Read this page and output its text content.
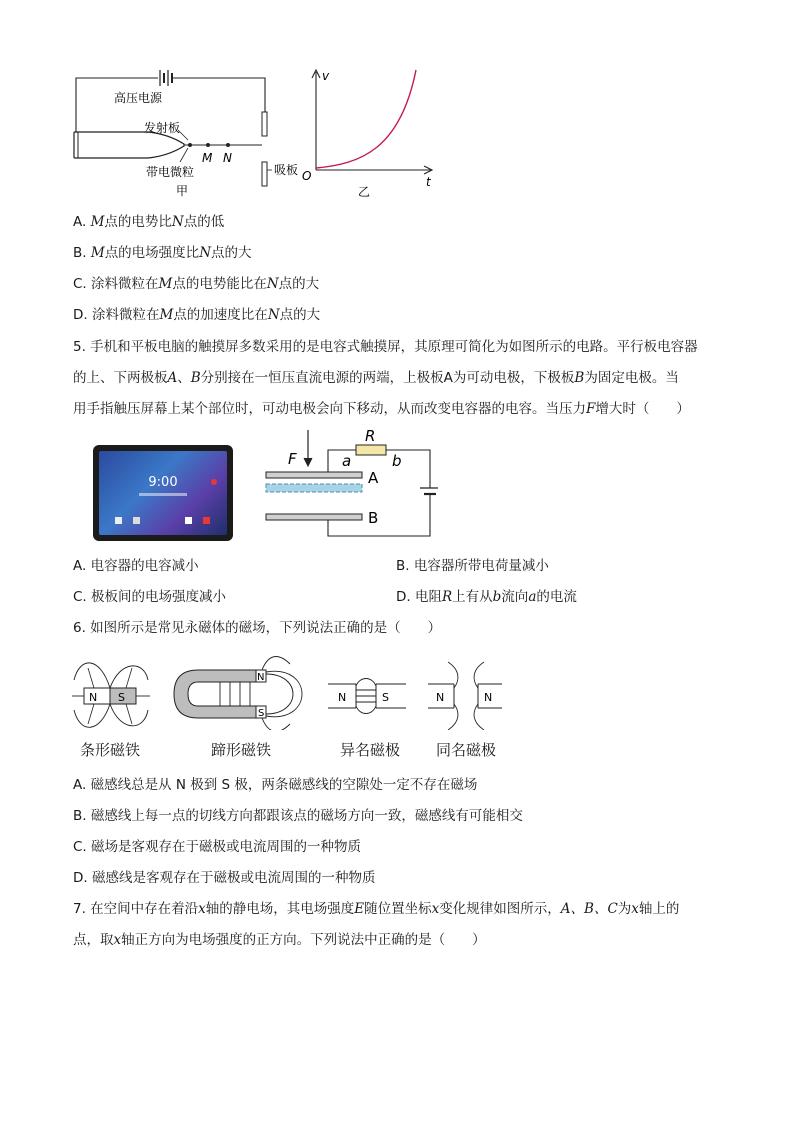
高压电源
发射板
M N
带电微粒
甲
吸板
v
t
O
乙
A. M点的电势比N点的低
B. M点的电场强度比N点的大
C. 涂料微粒在M点的电势能比在N点的大
D. 涂料微粒在M点的加速度比在N点的大
5. 手机和平板电脑的触摸屏多数采用的是电容式触摸屏，其原理可简化为如图所示的电路。平行板电容器
的上、下两极板A、B分别接在一恒压直流电源的两端，上极板A为可动电极，下极板B为固定电极。当
用手指触压屏幕上某个部位时，可动电极会向下移动，从而改变电容器的电容。当压力F增大时（　　）
9:00
F
R
a	b
A
B
A. 电容器的电容减小	B. 电容器所带电荷量减小
C. 极板间的电场强度减小	D. 电阻R上有从b流向a的电流
6. 如图所示是常见永磁体的磁场，下列说法正确的是（　　）
N S
N
S
N	S	N	N
条形磁铁	蹄形磁铁	异名磁极 同名磁极
A. 磁感线总是从 N 极到 S 极，两条磁感线的空隙处一定不存在磁场
B. 磁感线上每一点的切线方向都跟该点的磁场方向一致，磁感线有可能相交
C. 磁场是客观存在于磁极或电流周围的一种物质
D. 磁感线是客观存在于磁极或电流周围的一种物质
7. 在空间中存在着沿x轴的静电场，其电场强度E随位置坐标x变化规律如图所示，A、B、C为x轴上的
点，取x轴正方向为电场强度的正方向。下列说法中正确的是（　　）
